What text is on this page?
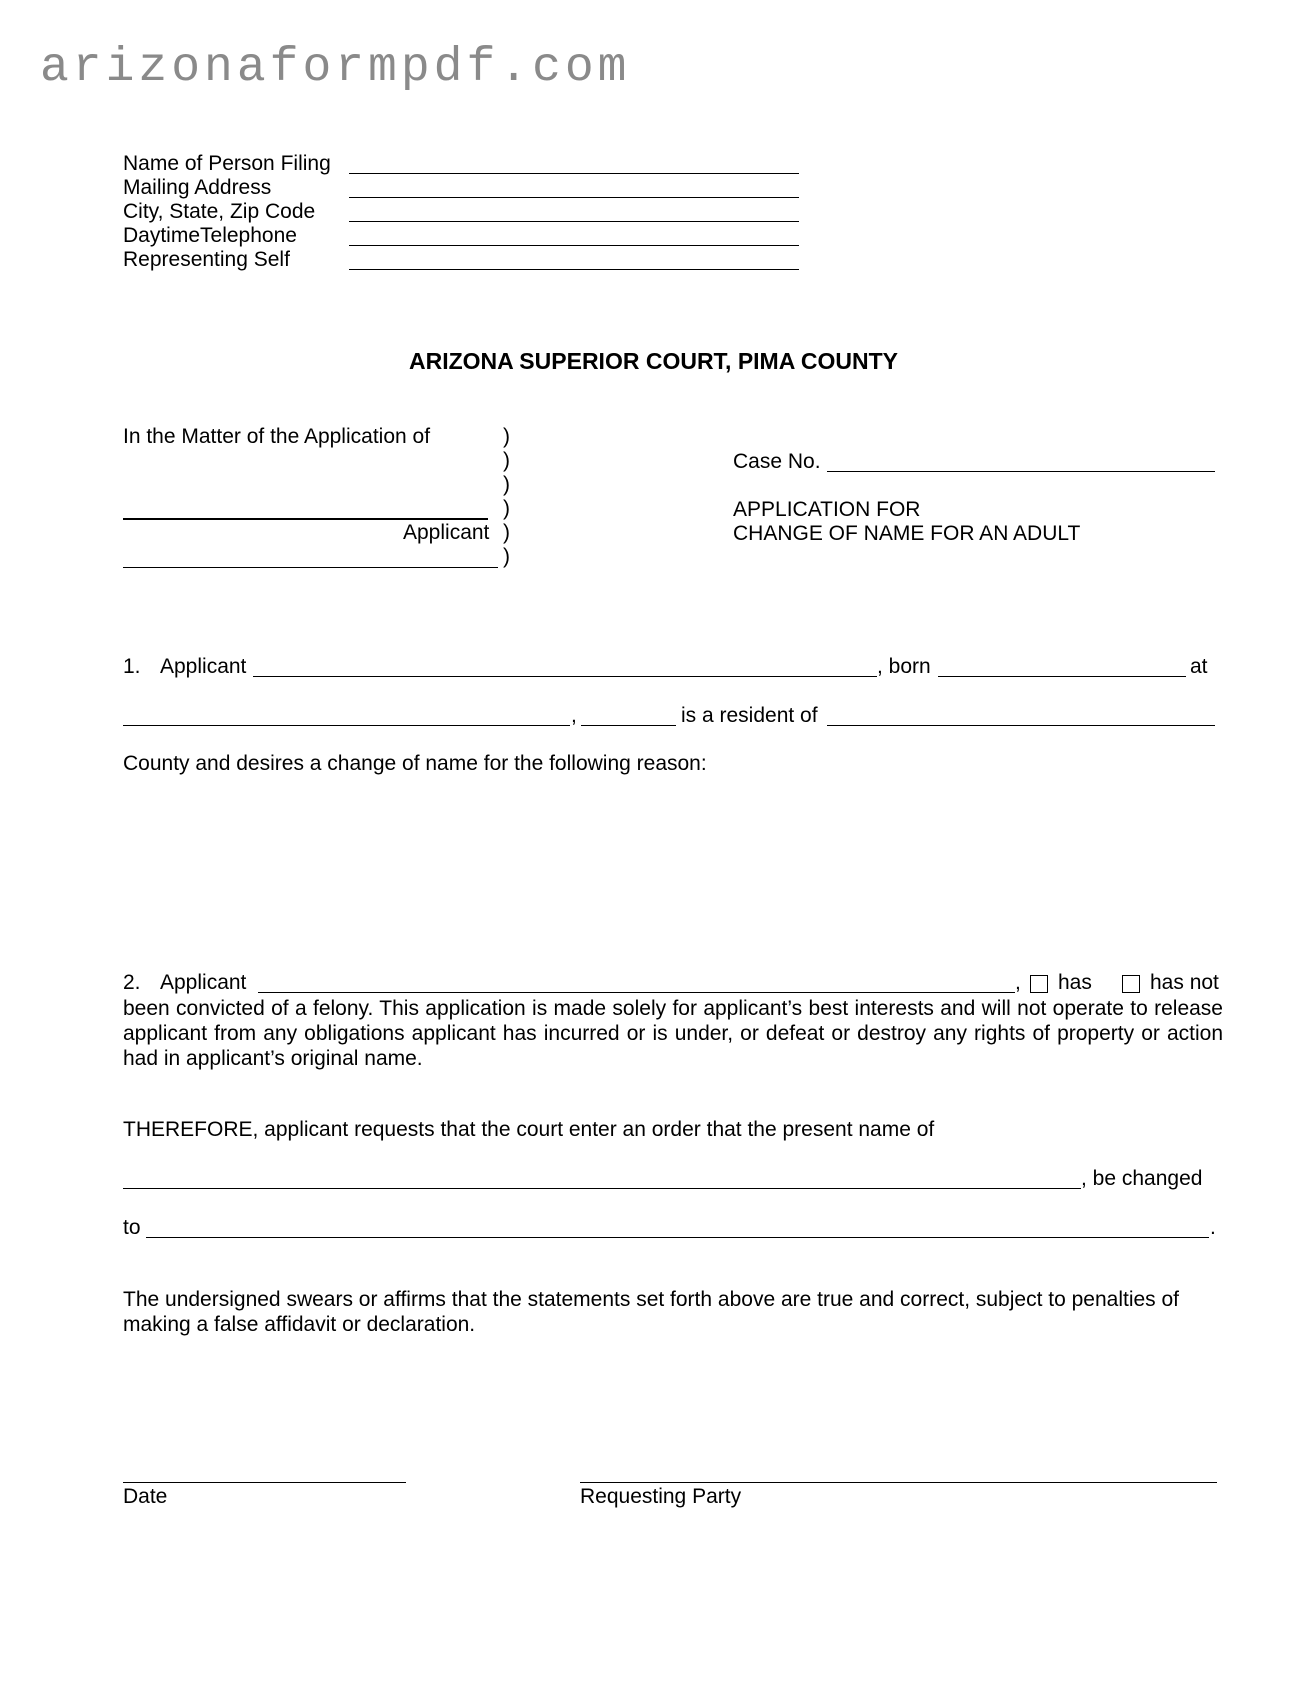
arizonaformpdf.com
Name of Person Filing
Mailing Address
City, State, Zip Code
DaytimeTelephone
Representing Self
ARIZONA SUPERIOR COURT, PIMA COUNTY
In the Matter of the Application of	)
)
)
)
)
)
Applicant
Case No.
APPLICATION FOR
CHANGE OF NAME FOR AN ADULT
1. Applicant	, born	at
,	is a resident of
County and desires a change of name for the following reason:
2. Applicant	, has	has not
been convicted of a felony. This application is made solely for applicant’s best interests and will not operate to release applicant from any obligations applicant has incurred or is under, or defeat or destroy any rights of property or action had in applicant’s original name.
THEREFORE, applicant requests that the court enter an order that the present name of
, be changed
to	.
The undersigned swears or affirms that the statements set forth above are true and correct, subject to penalties of making a false affidavit or declaration.
Date	Requesting Party
